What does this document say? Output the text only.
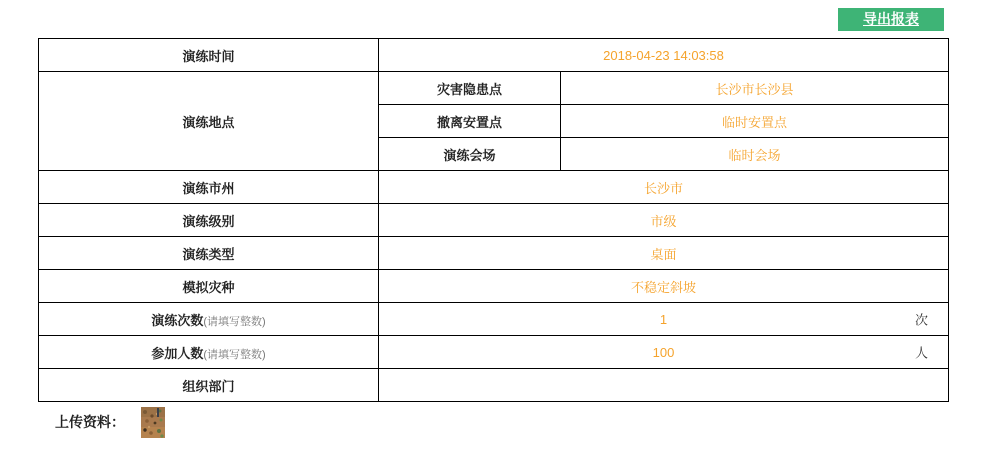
导出报表
演练时间	2018-04-23 14:03:58	
演练地点	灾害隐患点	长沙市长沙县
	撤离安置点	临时安置点
	演练会场	临时会场
演练市州	长沙市	
演练级别	市级	
演练类型	桌面	
模拟灾种	不稳定斜坡	
演练次数(请填写整数)	1 次	

参加人数(请填写整数)	100 人	

组织部门		
上传资料：
